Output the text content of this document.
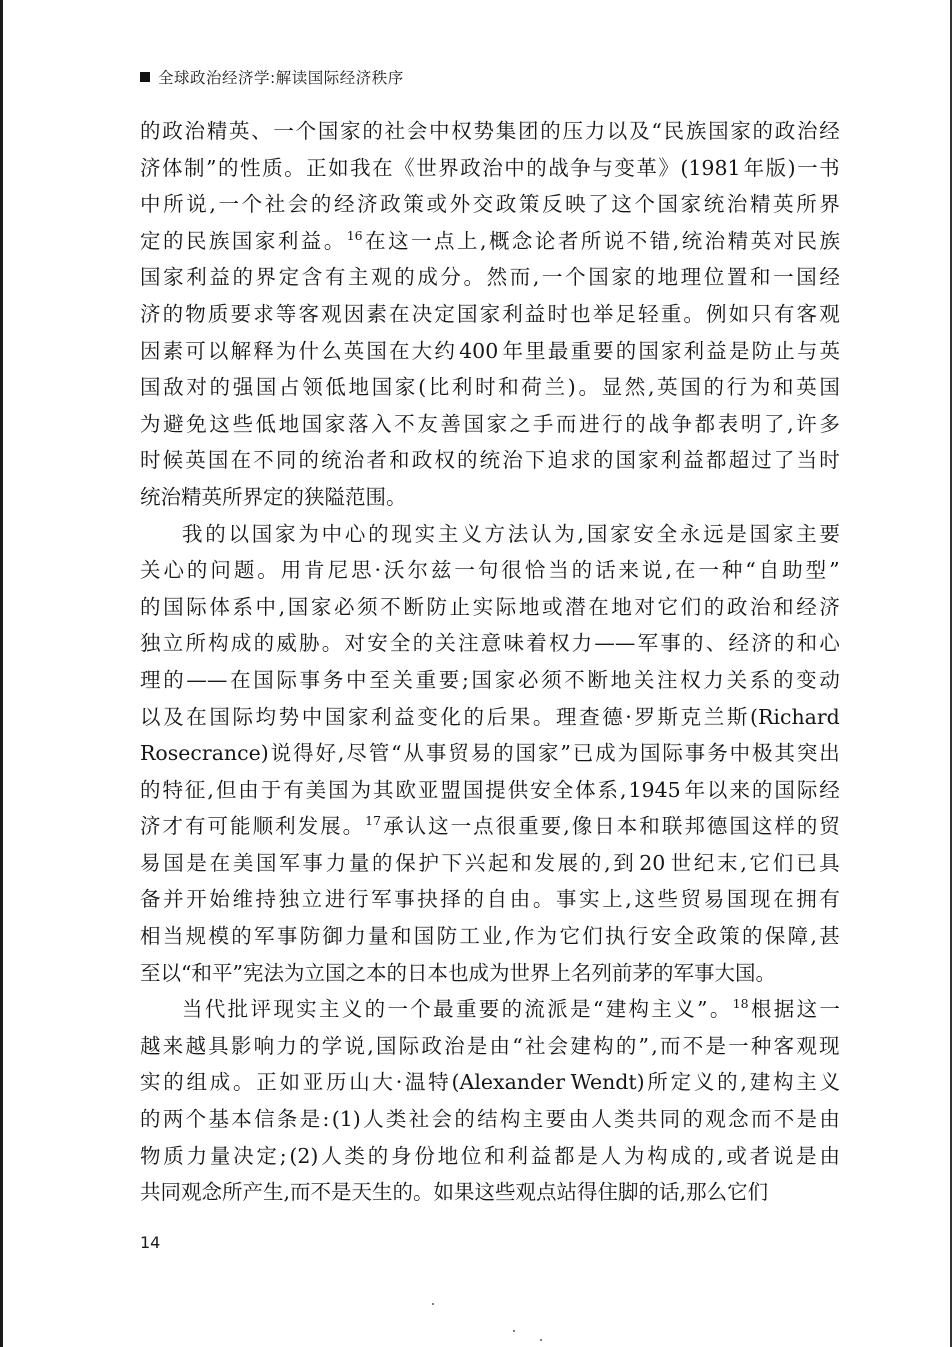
全球政治经济学:解读国际经济秩序
的 政 治 精 英 、 一 个 国 家 的 社 会 中 权 势 集 团 的 压 力 以 及 “ 民 族 国 家 的 政 治 经
济 体 制 ” 的 性 质 。 正 如 我 在 《 世 界 政 治 中 的 战 争 与 变 革 》 (1981 年 版 ) 一 书
中 所 说 , 一 个 社 会 的 经 济 政 策 或 外 交 政 策 反 映 了 这 个 国 家 统 治 精 英 所 界
定 的 民 族 国 家 利 益 。$^{16}$ 在 这 一 点 上 , 概 念 论 者 所 说 不 错 , 统 治 精 英 对 民 族
国 家 利 益 的 界 定 含 有 主 观 的 成 分 。 然 而 , 一 个 国 家 的 地 理 位 置 和 一 国 经
济 的 物 质 要 求 等 客 观 因 素 在 决 定 国 家 利 益 时 也 举 足 轻 重 。 例 如 只 有 客 观
因 素 可 以 解 释 为 什 么 英 国 在 大 约 400 年 里 最 重 要 的 国 家 利 益 是 防 止 与 英
国 敌 对 的 强 国 占 领 低 地 国 家 ( 比 利 时 和 荷 兰 ) 。 显 然 , 英 国 的 行 为 和 英 国
为 避 免 这 些 低 地 国 家 落 入 不 友 善 国 家 之 手 而 进 行 的 战 争 都 表 明 了 , 许 多
时 候 英 国 在 不 同 的 统 治 者 和 政 权 的 统 治 下 追 求 的 国 家 利 益 都 超 过 了 当 时
统 治 精 英 所 界 定 的 狭 隘 范 围 。
我 的 以 国 家 为 中 心 的 现 实 主 义 方 法 认 为 , 国 家 安 全 永 远 是 国 家 主 要
关 心 的 问 题 。 用 肯 尼 思 · 沃 尔 兹 一 句 很 恰 当 的 话 来 说 , 在 一 种 “ 自 助 型 ”
的 国 际 体 系 中 , 国 家 必 须 不 断 防 止 实 际 地 或 潜 在 地 对 它 们 的 政 治 和 经 济
独 立 所 构 成 的 威 胁 。 对 安 全 的 关 注 意 味 着 权 力 —— 军 事 的 、 经 济 的 和 心
理 的 —— 在 国 际 事 务 中 至 关 重 要 ; 国 家 必 须 不 断 地 关 注 权 力 关 系 的 变 动
以 及 在 国 际 均 势 中 国 家 利 益 变 化 的 后 果 。 理 查 德 · 罗 斯 克 兰 斯 (Richard
Rosecrance) 说 得 好 , 尽 管 “ 从 事 贸 易 的 国 家 ” 已 成 为 国 际 事 务 中 极 其 突 出
的 特 征 , 但 由 于 有 美 国 为 其 欧 亚 盟 国 提 供 安 全 体 系 , 1945 年 以 来 的 国 际 经
济 才 有 可 能 顺 利 发 展 。$^{17}$ 承 认 这 一 点 很 重 要 , 像 日 本 和 联 邦 德 国 这 样 的 贸
易 国 是 在 美 国 军 事 力 量 的 保 护 下 兴 起 和 发 展 的 , 到 20 世 纪 末 , 它 们 已 具
备 并 开 始 维 持 独 立 进 行 军 事 抉 择 的 自 由 。 事 实 上 , 这 些 贸 易 国 现 在 拥 有
相 当 规 模 的 军 事 防 御 力 量 和 国 防 工 业 , 作 为 它 们 执 行 安 全 政 策 的 保 障 , 甚
至 以 “ 和 平 ” 宪 法 为 立 国 之 本 的 日 本 也 成 为 世 界 上 名 列 前 茅 的 军 事 大 国 。
当 代 批 评 现 实 主 义 的 一 个 最 重 要 的 流 派 是 “ 建 构 主 义 ” 。$^{18}$ 根 据 这 一
越 来 越 具 影 响 力 的 学 说 , 国 际 政 治 是 由 “ 社 会 建 构 的 ” , 而 不 是 一 种 客 观 现
实 的 组 成 。 正 如 亚 历 山 大 · 温 特 (Alexander Wendt) 所 定 义 的 , 建 构 主 义
的 两 个 基 本 信 条 是 : (1) 人 类 社 会 的 结 构 主 要 由 人 类 共 同 的 观 念 而 不 是 由
物 质 力 量 决 定 ; (2) 人 类 的 身 份 地 位 和 利 益 都 是 人 为 构 成 的 , 或 者 说 是 由
共 同 观 念 所 产 生 , 而 不 是 天 生 的 。 如 果 这 些 观 点 站 得 住 脚 的 话 , 那 么 它 们
14
